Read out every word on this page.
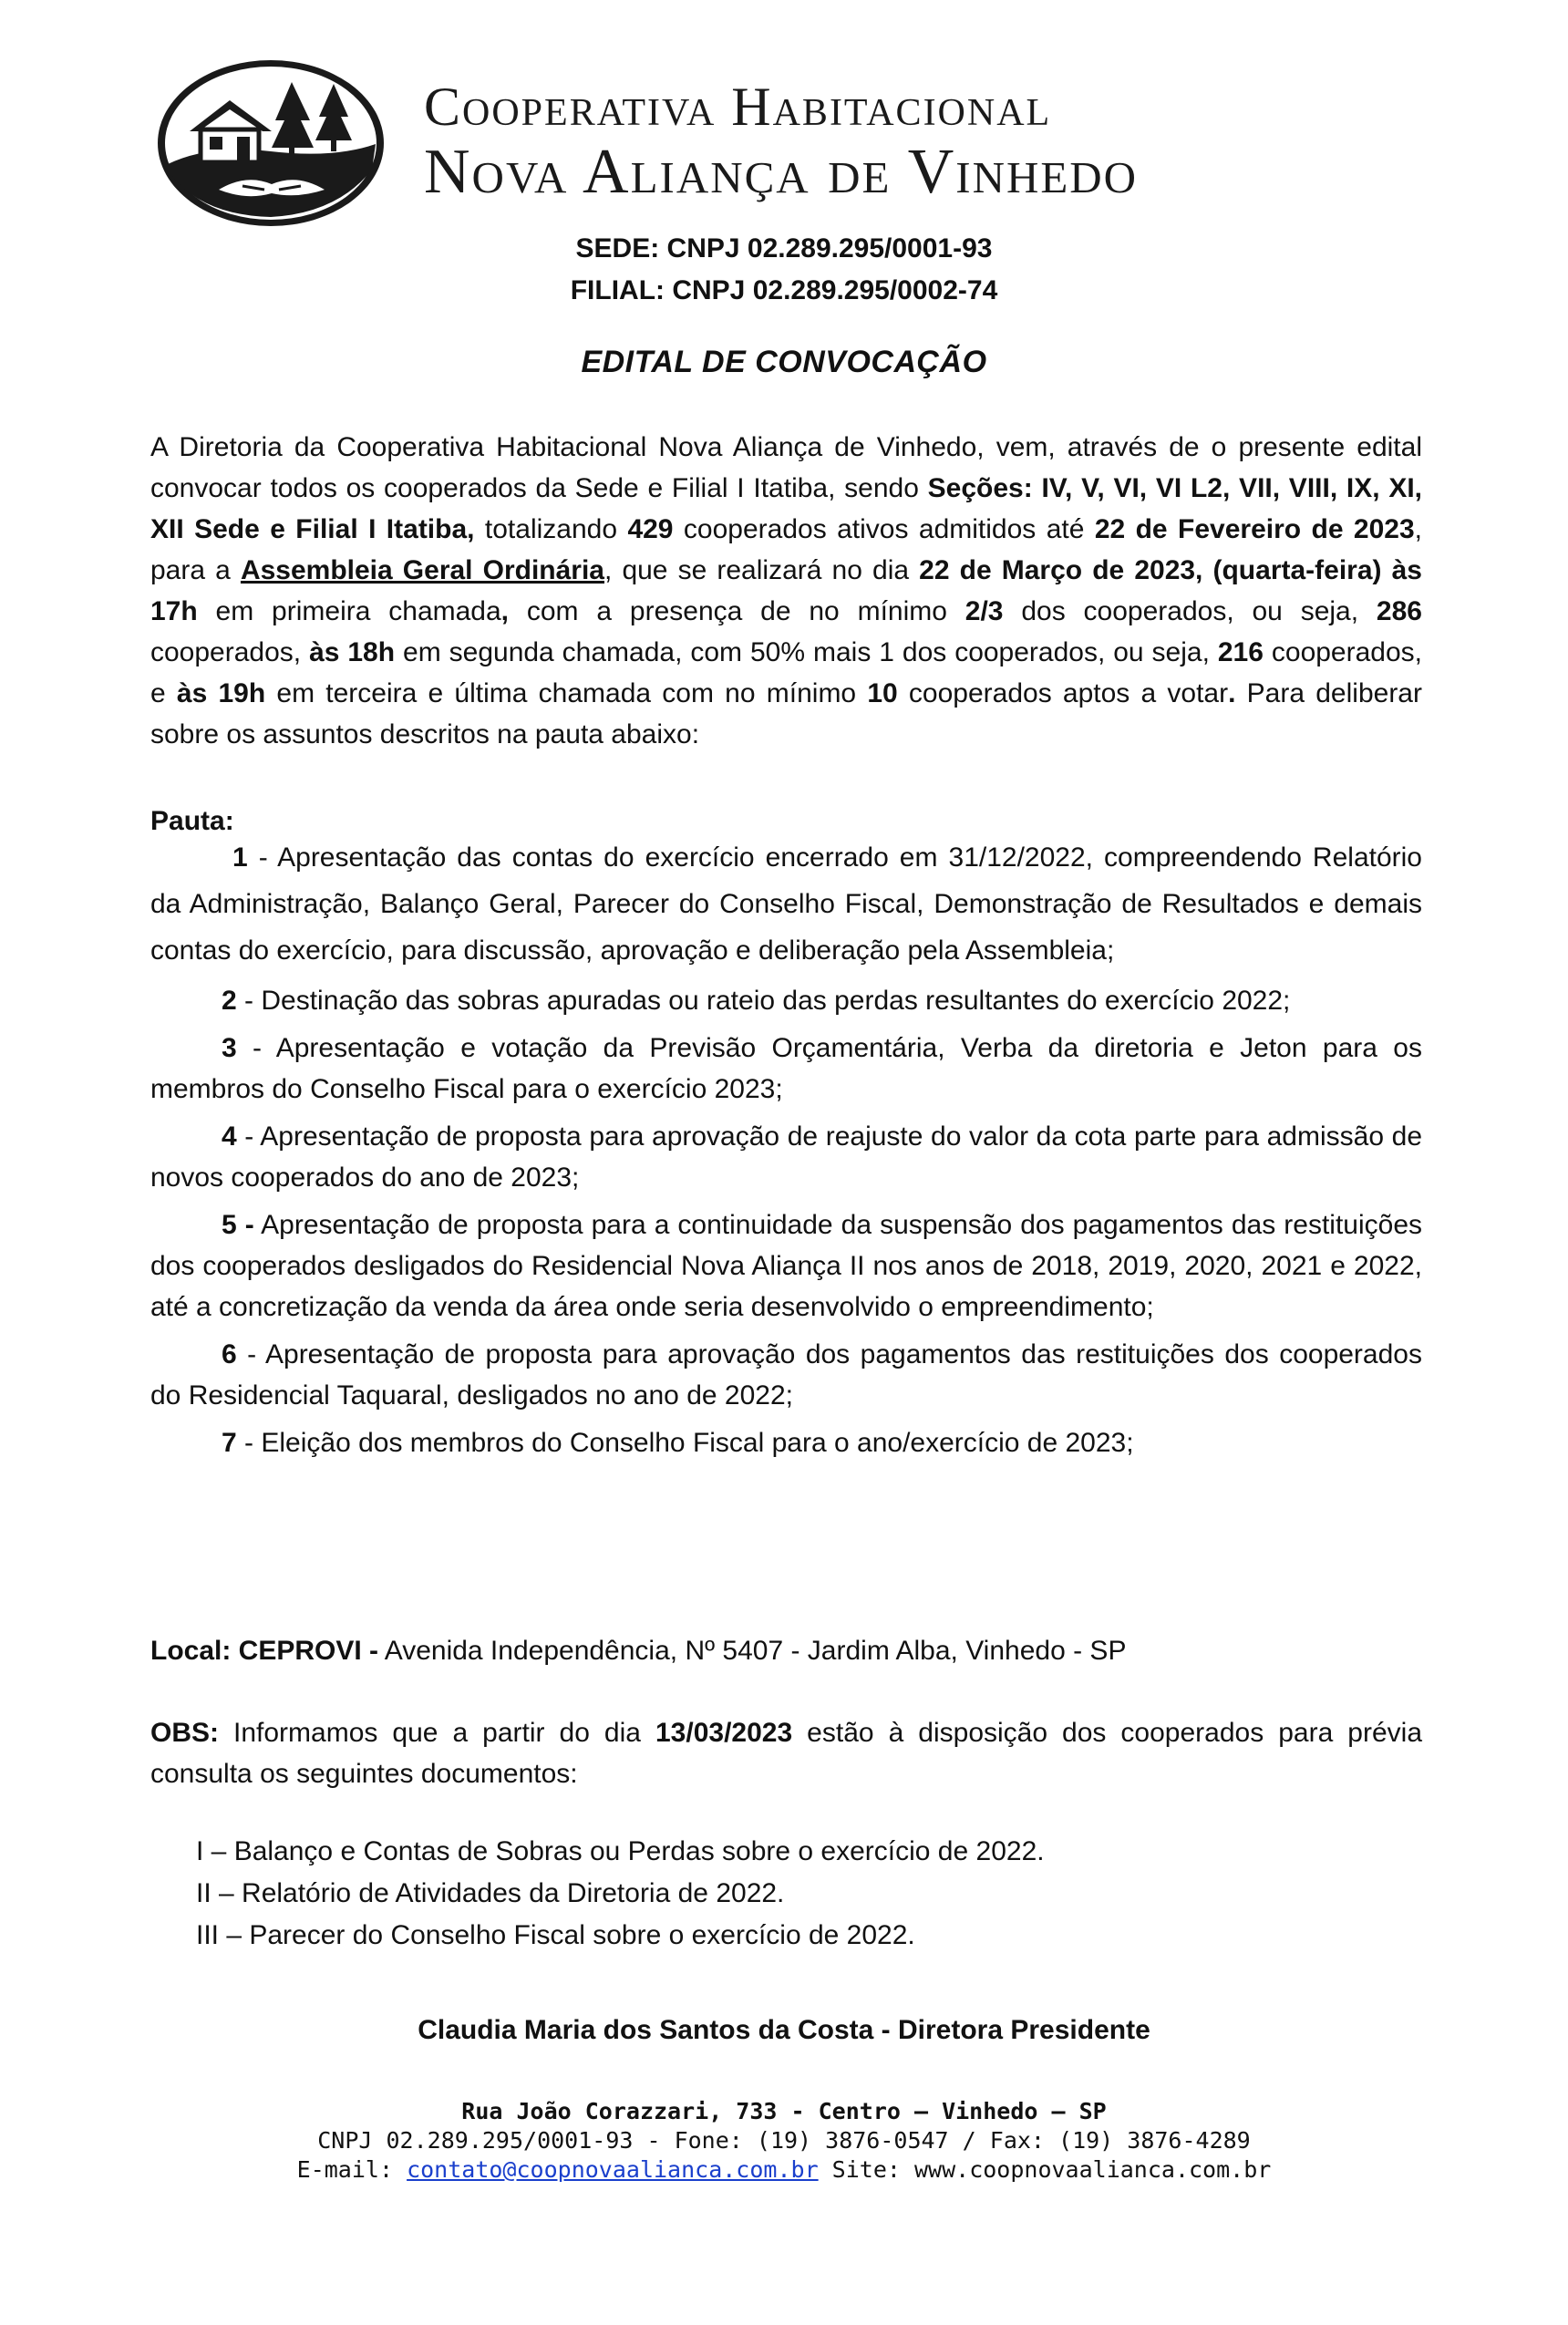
Cooperativa Habitacional
Nova Aliança de Vinhedo
SEDE: CNPJ 02.289.295/0001-93
FILIAL: CNPJ 02.289.295/0002-74
EDITAL DE CONVOCAÇÃO
A Diretoria da Cooperativa Habitacional Nova Aliança de Vinhedo, vem, através de o presente edital convocar todos os cooperados da Sede e Filial I Itatiba, sendo Seções: IV, V, VI, VI L2, VII, VIII, IX, XI, XII Sede e Filial I Itatiba, totalizando 429 cooperados ativos admitidos até 22 de Fevereiro de 2023, para a Assembleia Geral Ordinária, que se realizará no dia 22 de Março de 2023, (quarta-feira) às 17h em primeira chamada, com a presença de no mínimo 2/3 dos cooperados, ou seja, 286 cooperados, às 18h em segunda chamada, com 50% mais 1 dos cooperados, ou seja, 216 cooperados, e às 19h em terceira e última chamada com no mínimo 10 cooperados aptos a votar. Para deliberar sobre os assuntos descritos na pauta abaixo:
Pauta:

1 - Apresentação das contas do exercício encerrado em 31/12/2022, compreendendo Relatório da Administração, Balanço Geral, Parecer do Conselho Fiscal, Demonstração de Resultados e demais contas do exercício, para discussão, aprovação e deliberação pela Assembleia;

2 - Destinação das sobras apuradas ou rateio das perdas resultantes do exercício 2022;

3 - Apresentação e votação da Previsão Orçamentária, Verba da diretoria e Jeton para os membros do Conselho Fiscal para o exercício 2023;

4 - Apresentação de proposta para aprovação de reajuste do valor da cota parte para admissão de novos cooperados do ano de 2023;

5 - Apresentação de proposta para a continuidade da suspensão dos pagamentos das restituições dos cooperados desligados do Residencial Nova Aliança II nos anos de 2018, 2019, 2020, 2021 e 2022, até a concretização da venda da área onde seria desenvolvido o empreendimento;

6 - Apresentação de proposta para aprovação dos pagamentos das restituições dos cooperados do Residencial Taquaral, desligados no ano de 2022;

7 - Eleição dos membros do Conselho Fiscal para o ano/exercício de 2023;

Local: CEPROVI - Avenida Independência, Nº 5407 - Jardim Alba, Vinhedo - SP
OBS: Informamos que a partir do dia 13/03/2023 estão à disposição dos cooperados para prévia consulta os seguintes documentos:
I – Balanço e Contas de Sobras ou Perdas sobre o exercício de 2022.
II – Relatório de Atividades da Diretoria de 2022.
III – Parecer do Conselho Fiscal sobre o exercício de 2022.
Claudia Maria dos Santos da Costa - Diretora Presidente
Rua João Corazzari, 733 - Centro – Vinhedo – SP
CNPJ 02.289.295/0001-93 - Fone: (19) 3876-0547 / Fax: (19) 3876-4289
E-mail: contato@coopnovaalianca.com.br Site: www.coopnovaalianca.com.br
